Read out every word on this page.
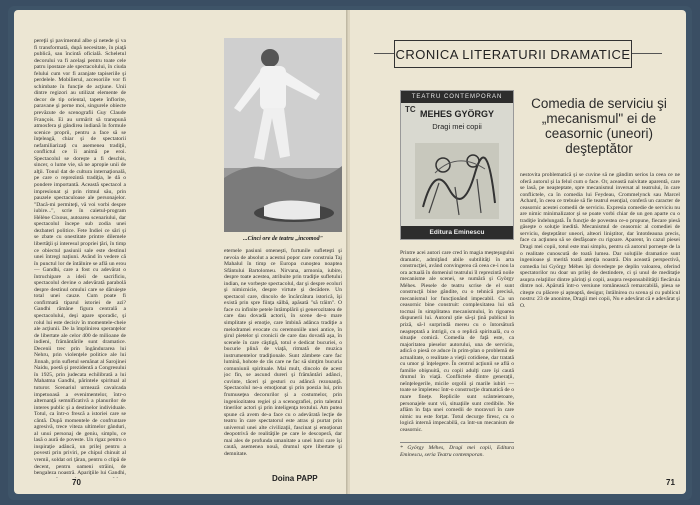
pereţii şi pavimentul albe şi netede şi va fi transformată, după necesitate, în piaţă publică, sau încintă oficială. Scheletul decorului va fi acelaşi pentru toate cele patru ipostaze ale spectacolului, în ciuda felului cum vor fi aranjate tapiseriile şi perdelele. Mobilierul, accesoriile vor fi schimbate în funcţie de acţiune. Unii dintre regizori au utilizat elemente de decor de tip oriental, tapete înflorite, paravane şi perne moi, singurele obiecte prevăzute de scenografii Guy Claude François. Ei au urmărit să transpună atmosfera şi gândirea indiană în formule scenice proprii, pentru a face să se înţeleagă, chiar şi de spectatorii nefamiliarizaţi cu asemenea tradiţii, conflictul ce îi animă pe eroi. Spectacolul se doreşte a fi deschis, sincer, o lume vie, să ne apropie unii de alţii. Tonul dat de cultura internaţională, pe care o reprezintă tradiţia, le dă o pondere importantă. Această spectacol a impresionat şi prin ritmul său, prin pauzele spectaculoase ale personajelor. "Dacă-mi permiteţi, vă voi vorbi despre iubire...", scrie în caietul-program Hélène Cixous, autoarea scenariului, dar spectacolul începe sub zodia unei dezbateri politice. Fete Indiei ce sări și se zbate cu onestitate printre dilemele libertăţii şi interesul propriei ţări, în timp ce obiectul pasiunii sale este destinul unei întregi naţiuni. Având în vedere că în punctul lor de întâlnire se află un erou — Gandhi, care a fost cu adevărat o întruchipare a ideii de sacrificiu, spectacolul devine o adevărată parabolă despre destinul omului care se dăruieşte total unei cauze. Cum poate fi confirmată tiparul istoriei de azi? Gandhi rămâne figura centrală a spectacolului, deşi apare sporadic, şi rolul lui este decisiv în momentele-cheie ale acţiunii. De la împlinirea speranţelor de libertate ale celor 400 de milioane de indieni, frământările sunt dramatice. Decenii trec prin îngândurarea lui Nehru, prin violenţele politice ale lui Jinnah, prin sufletul semănat al Sarojinei Naidu, poetă şi prezidentă a Congresului în 1925, prin judecata echilibrată a lui Mahatma Gandhi, părintele spiritual al tuturor. Scenariul urmează cavalcada impetuoasă a evenimentelor, într-o alternanţă semnificativă a planurilor de interes public şi a destinelor individuale. Totul, ca într-o frescă a istoriei care se cântă. După momentele de confruntare agresivă, trece viteza ultimelor gânduri, al unui personaj de geniu, simplu, ce lasă o aură de poveste. Un rigaz pentru o inspiraţie adâncă, un prilej pentru a povesti prin priviri, pe chipul chinuit al vremii, soldat ori ţăran, pentru o clipă de decent, pentru oameni străini, de bengaleza noastră. Apariţiile lui Gandhi,

...Cinci ore de teatru „incomod"

eternele pasiuni omeneşti, furtunile sufleteşti şi nevoia de absolut a acestui popor care construia Taj Mahalul în timp ce Europa cunoştea noaptea Sfântului Bartolomeu. Nirvana, armonia, iubire, despre toate acestea, atribuite prin tradiţie sufletului indian, ne vorbeşte spectacolul, dar şi despre ecoluri şi nimicnicie, despre virtute şi decădere. Un spectacol care, dincolo de încărcătura istorică, îşi există prin spre fiinţa sălbă, apăsată "să trăim". O face cu infinite petele întâmplării şi generozitatea de care dau dovadă actorii, în scene de-o mare simplitate şi emoţie, care îmbină adânca tradiţie a melodramei evocate cu ceremoniile unei antice, în şirul pietelor şi cronicii de care dau dovadă aşa, în scenele în care câştigă, totul e dedicat bucuriei, o bucurie plină de viaţă, ritmată de muzica instrumentelor tradiţionale. Sunt zâmbete care fac lumină, hohote de râs care ne fac să simţim bucuria comuniunii spirituale. Mai mult, dincolo de acest joc fin, se ascund dureri şi frământări adânci, cuvinte, tăceri şi gesturi cu adâncă rezonanţă. Spectacolul ne-a emoţionat şi prin poezia lui, prin frumuseţea decorurilor şi a costumelor, prin ingeniozitatea regiei şi a scenografiei, prin talentul tinerilor actori şi prin inteligenţa textului. Am putea spune că avem de-a face cu o adevărată lecţie de teatru în care spectatorul este atras şi purtat prin universul unei alte civilizaţii, fascinat şi emoţionat deopotrivă de realităţile pe care le descoperă, dar mai ales de profunda umanitate a unei lumi care îşi caută, asemenea nouă, drumul spre libertate şi demnitate.

Doina PAPP
70
CRONICA LITERATURII DRAMATICE
TEATRU CONTEMPORAN
TC MEHES GYÖRGY
Dragi mei copii
Editura Eminescu
Comedia de serviciu şi „mecanismul" ei de ceasornic (uneori) deşteptător

Printre acei autori care cred în magia meşteşugului dramatic, admiţând abile subtilităţi în arta construcţiei, având convingerea că ceea ce-i nou la ora actuală în domeniul teatrului îl reprezintă noile mecanisme ale scenei, se numără şi György Méhes. Piesele de teatru scrise de el sunt construcţii bine gândite, cu o tehnică precisă, mecanismul lor funcţionând impecabil. Ca un ceasornic bine construit: complexitatea lui stă tocmai în simplitatea mecanismului, în rigoarea dispunerii lui. Autorul ştie să-şi ţină publicul în priză, să-l surprindă mereu cu o întorsătură neaşteptată a intrigii, cu o replică spirituală, cu o situaţie comică. Comedia de faţă este, ca majoritatea pieselor autorului, una de serviciu, adică o piesă ce aduce în prim-plan o problemă de actualitate, o realitate a vieţii cotidiene, dar tratată cu umor şi înţelegere. În centrul acţiunii se află o familie obişnuită, cu copii adulţi care îşi caută drumul în viaţă. Conflictele dintre generaţii, neînţelegerile, micile orgolii şi marile iubiri — toate se împletesc într-o construcţie dramatică de o mare fineţe. Replicile sunt scânteietoare, personajele sunt vii, situaţiile sunt credibile. Ne aflăm în faţa unei comedii de moravuri în care nimic nu este forţat. Totul decurge firesc, cu o logică internă impecabilă, ca într-un mecanism de ceasornic.

* György Méhes, Dragi mei copii, Editura Eminescu, seria Teatru contemporan.

nestovita problematică şi se cuvine să ne gândim serios la ceea ce ne oferă autorul şi la felul cum o face. Or, această naivitate aparentă, care se lasă, pe neaşteptate, spre mecanismul inversat al teatrului, în care conflictele, ca în comedia lui Feydeau, Crommelynck sau Marcel Achard, în ceea ce trebuie să fie teatrul esenţial, conferă un caracter de ceasornic acestei comedii de serviciu. Expresia comedie de serviciu nu are nimic minimalizator şi se poate vorbi chiar de un gen aparte cu o tradiţie îndelungată. În funcţie de povestea ce-o propune, fiecare piesă găseşte o soluţie inedită. Mecanismul de ceasornic al comediei de serviciu, deşteptător uneori, alteori liniştitor, dar întotdeauna precis, face ca acţiunea să se desfăşoare cu rigoare. Aparent, în cazul piesei Dragi mei copii, totul este mai simplu, pentru că autorul porneşte de la o realitate cunoscută de toată lumea. Dar soluţiile dramatice sunt ingenioase şi merită toată atenţia noastră. Din această perspectivă, comedia lui György Méhes îşi dovedeşte pe deplin valoarea, oferind spectatorilor nu doar un prilej de destindere, ci şi unul de meditaţie asupra relaţiilor dintre părinţi şi copii, asupra responsabilităţii fiecăruia dintre noi. Apărută într-o versiune românească remarcabilă, piesa se citeşte cu plăcere şi aşteaptă, desigur, întâlnirea cu scena şi cu publicul nostru: 23 de anonime, Dragii mei copii, Nu e adevărat că e adevărat şi O.

71
